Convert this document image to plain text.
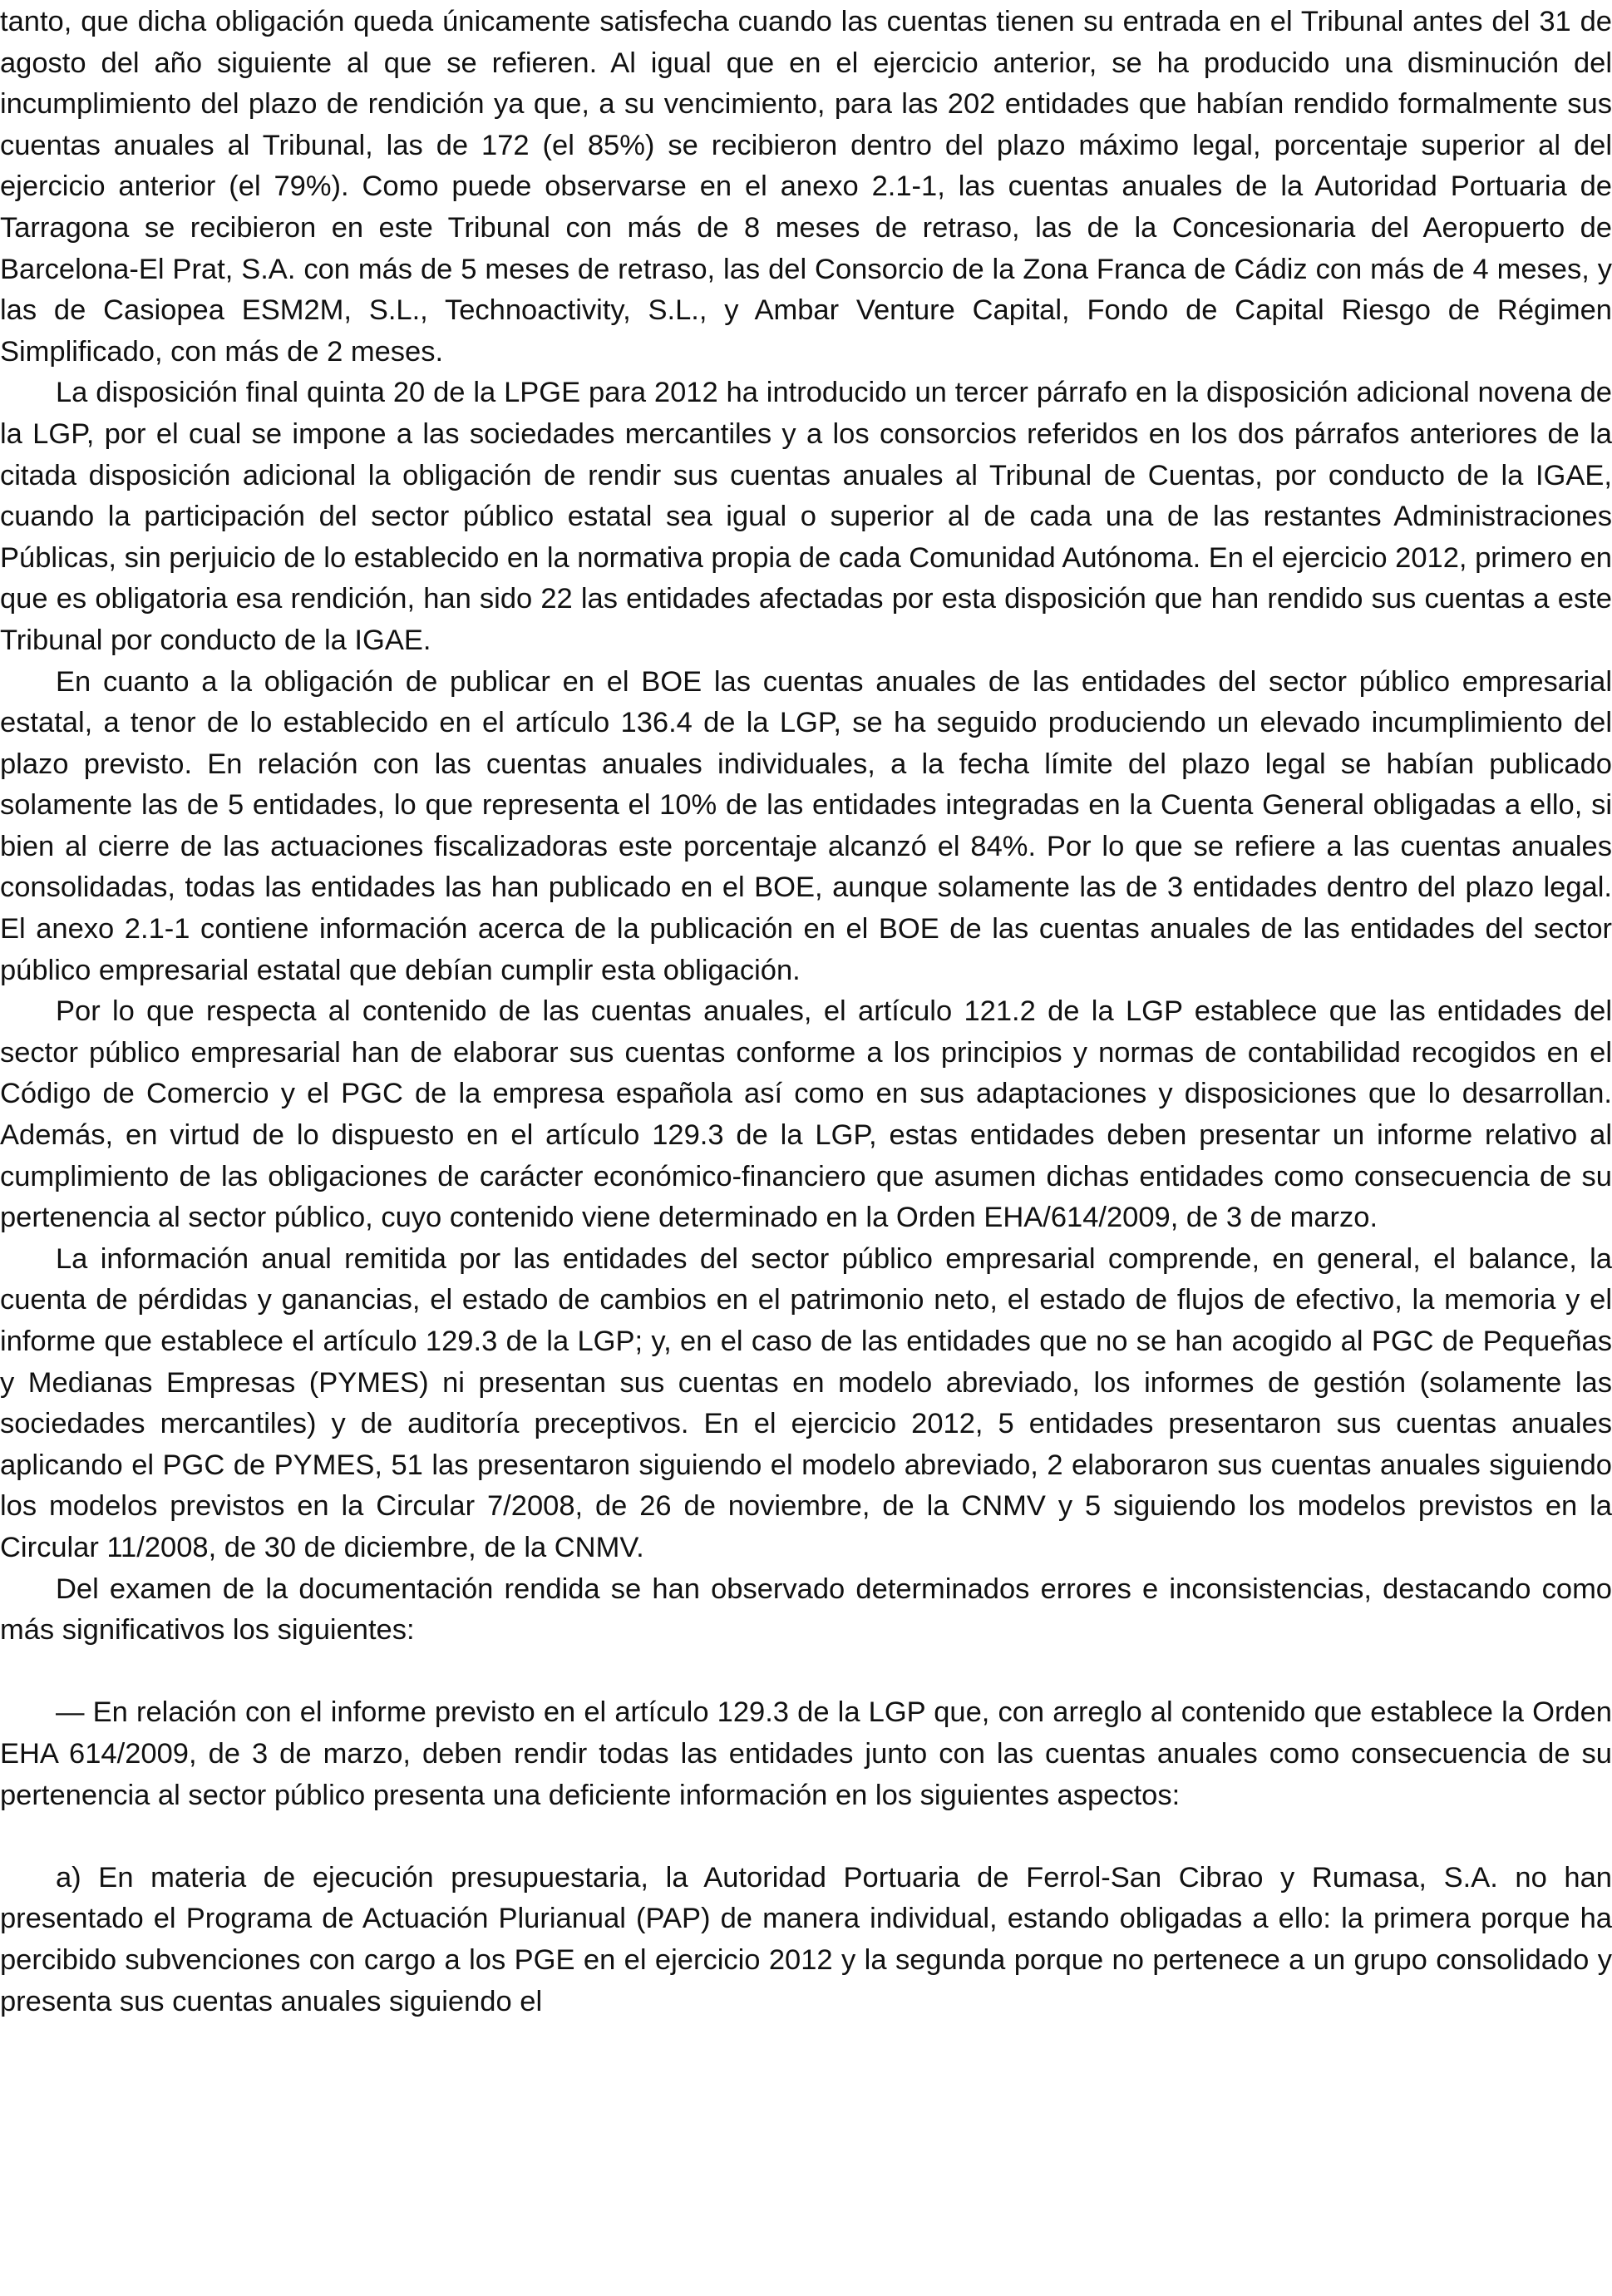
tanto, que dicha obligación queda únicamente satisfecha cuando las cuentas tienen su entrada en el Tribunal antes del 31 de agosto del año siguiente al que se refieren. Al igual que en el ejercicio anterior, se ha producido una disminución del incumplimiento del plazo de rendición ya que, a su vencimiento, para las 202 entidades que habían rendido formalmente sus cuentas anuales al Tribunal, las de 172 (el 85%) se recibieron dentro del plazo máximo legal, porcentaje superior al del ejercicio anterior (el 79%). Como puede observarse en el anexo 2.1-1, las cuentas anuales de la Autoridad Portuaria de Tarragona se recibieron en este Tribunal con más de 8 meses de retraso, las de la Concesionaria del Aeropuerto de Barcelona-El Prat, S.A. con más de 5 meses de retraso, las del Consorcio de la Zona Franca de Cádiz con más de 4 meses, y las de Casiopea ESM2M, S.L., Technoactivity, S.L., y Ambar Venture Capital, Fondo de Capital Riesgo de Régimen Simplificado, con más de 2 meses.

La disposición final quinta 20 de la LPGE para 2012 ha introducido un tercer párrafo en la disposición adicional novena de la LGP, por el cual se impone a las sociedades mercantiles y a los consorcios referidos en los dos párrafos anteriores de la citada disposición adicional la obligación de rendir sus cuentas anuales al Tribunal de Cuentas, por conducto de la IGAE, cuando la participación del sector público estatal sea igual o superior al de cada una de las restantes Administraciones Públicas, sin perjuicio de lo establecido en la normativa propia de cada Comunidad Autónoma. En el ejercicio 2012, primero en que es obligatoria esa rendición, han sido 22 las entidades afectadas por esta disposición que han rendido sus cuentas a este Tribunal por conducto de la IGAE.

En cuanto a la obligación de publicar en el BOE las cuentas anuales de las entidades del sector público empresarial estatal, a tenor de lo establecido en el artículo 136.4 de la LGP, se ha seguido produciendo un elevado incumplimiento del plazo previsto. En relación con las cuentas anuales individuales, a la fecha límite del plazo legal se habían publicado solamente las de 5 entidades, lo que representa el 10% de las entidades integradas en la Cuenta General obligadas a ello, si bien al cierre de las actuaciones fiscalizadoras este porcentaje alcanzó el 84%. Por lo que se refiere a las cuentas anuales consolidadas, todas las entidades las han publicado en el BOE, aunque solamente las de 3 entidades dentro del plazo legal. El anexo 2.1-1 contiene información acerca de la publicación en el BOE de las cuentas anuales de las entidades del sector público empresarial estatal que debían cumplir esta obligación.

Por lo que respecta al contenido de las cuentas anuales, el artículo 121.2 de la LGP establece que las entidades del sector público empresarial han de elaborar sus cuentas conforme a los principios y normas de contabilidad recogidos en el Código de Comercio y el PGC de la empresa española así como en sus adaptaciones y disposiciones que lo desarrollan. Además, en virtud de lo dispuesto en el artículo 129.3 de la LGP, estas entidades deben presentar un informe relativo al cumplimiento de las obligaciones de carácter económico-financiero que asumen dichas entidades como consecuencia de su pertenencia al sector público, cuyo contenido viene determinado en la Orden EHA/614/2009, de 3 de marzo.

La información anual remitida por las entidades del sector público empresarial comprende, en general, el balance, la cuenta de pérdidas y ganancias, el estado de cambios en el patrimonio neto, el estado de flujos de efectivo, la memoria y el informe que establece el artículo 129.3 de la LGP; y, en el caso de las entidades que no se han acogido al PGC de Pequeñas y Medianas Empresas (PYMES) ni presentan sus cuentas en modelo abreviado, los informes de gestión (solamente las sociedades mercantiles) y de auditoría preceptivos. En el ejercicio 2012, 5 entidades presentaron sus cuentas anuales aplicando el PGC de PYMES, 51 las presentaron siguiendo el modelo abreviado, 2 elaboraron sus cuentas anuales siguiendo los modelos previstos en la Circular 7/2008, de 26 de noviembre, de la CNMV y 5 siguiendo los modelos previstos en la Circular 11/2008, de 30 de diciembre, de la CNMV.

Del examen de la documentación rendida se han observado determinados errores e inconsistencias, destacando como más significativos los siguientes:

— En relación con el informe previsto en el artículo 129.3 de la LGP que, con arreglo al contenido que establece la Orden EHA 614/2009, de 3 de marzo, deben rendir todas las entidades junto con las cuentas anuales como consecuencia de su pertenencia al sector público presenta una deficiente información en los siguientes aspectos:

a) En materia de ejecución presupuestaria, la Autoridad Portuaria de Ferrol-San Cibrao y Rumasa, S.A. no han presentado el Programa de Actuación Plurianual (PAP) de manera individual, estando obligadas a ello: la primera porque ha percibido subvenciones con cargo a los PGE en el ejercicio 2012 y la segunda porque no pertenece a un grupo consolidado y presenta sus cuentas anuales siguiendo el
